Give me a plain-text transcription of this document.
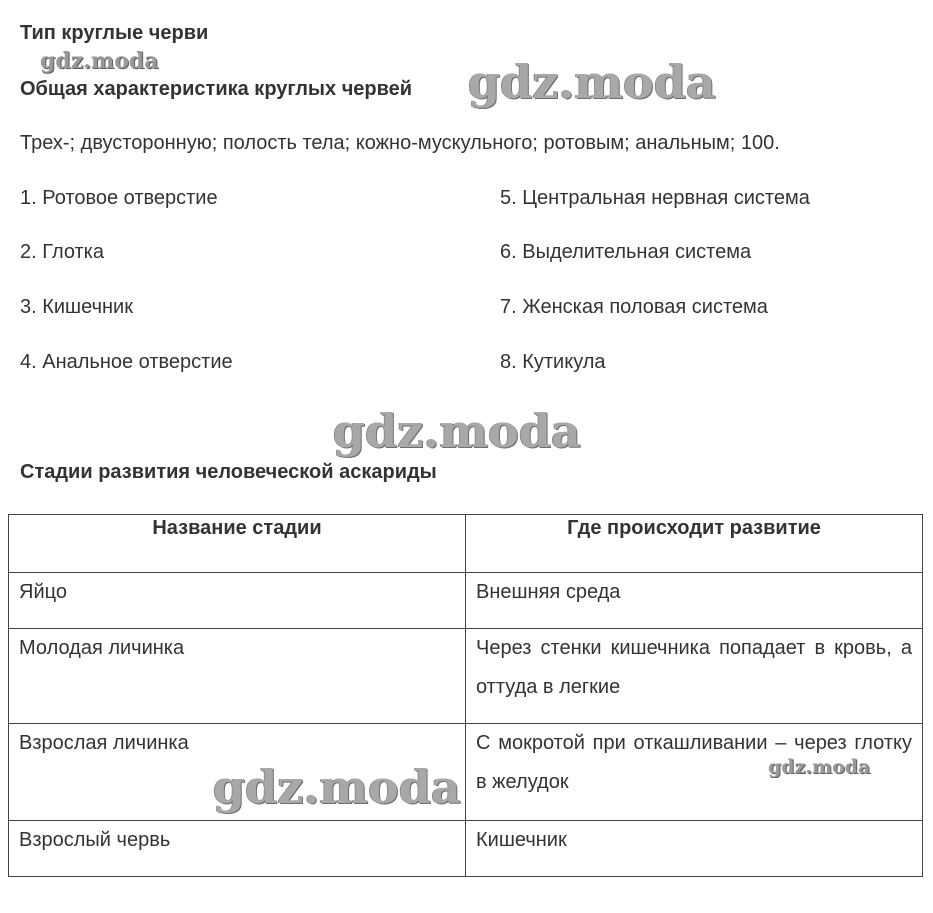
Тип круглые черви
Общая характеристика круглых червей
Трех-; двусторонную; полость тела; кожно-мускульного; ротовым; анальным; 100.
1. Ротовое отверстие
2. Глотка
3. Кишечник
4. Анальное отверстие
5. Центральная нервная система
6. Выделительная система
7. Женская половая система
8. Кутикула
Стадии развития человеческой аскариды
Название стадии	Где происходит развитие
Яйцо	Внешняя среда
Молодая личинка	Через стенки кишечника попадает в кровь, а оттуда в легкие
Взрослая личинка	С мокротой при откашливании – через глотку в желудок
Взрослый червь	Кишечник
gdz.moda	gdz.moda
gdz.moda
gdz.moda	gdz.moda
